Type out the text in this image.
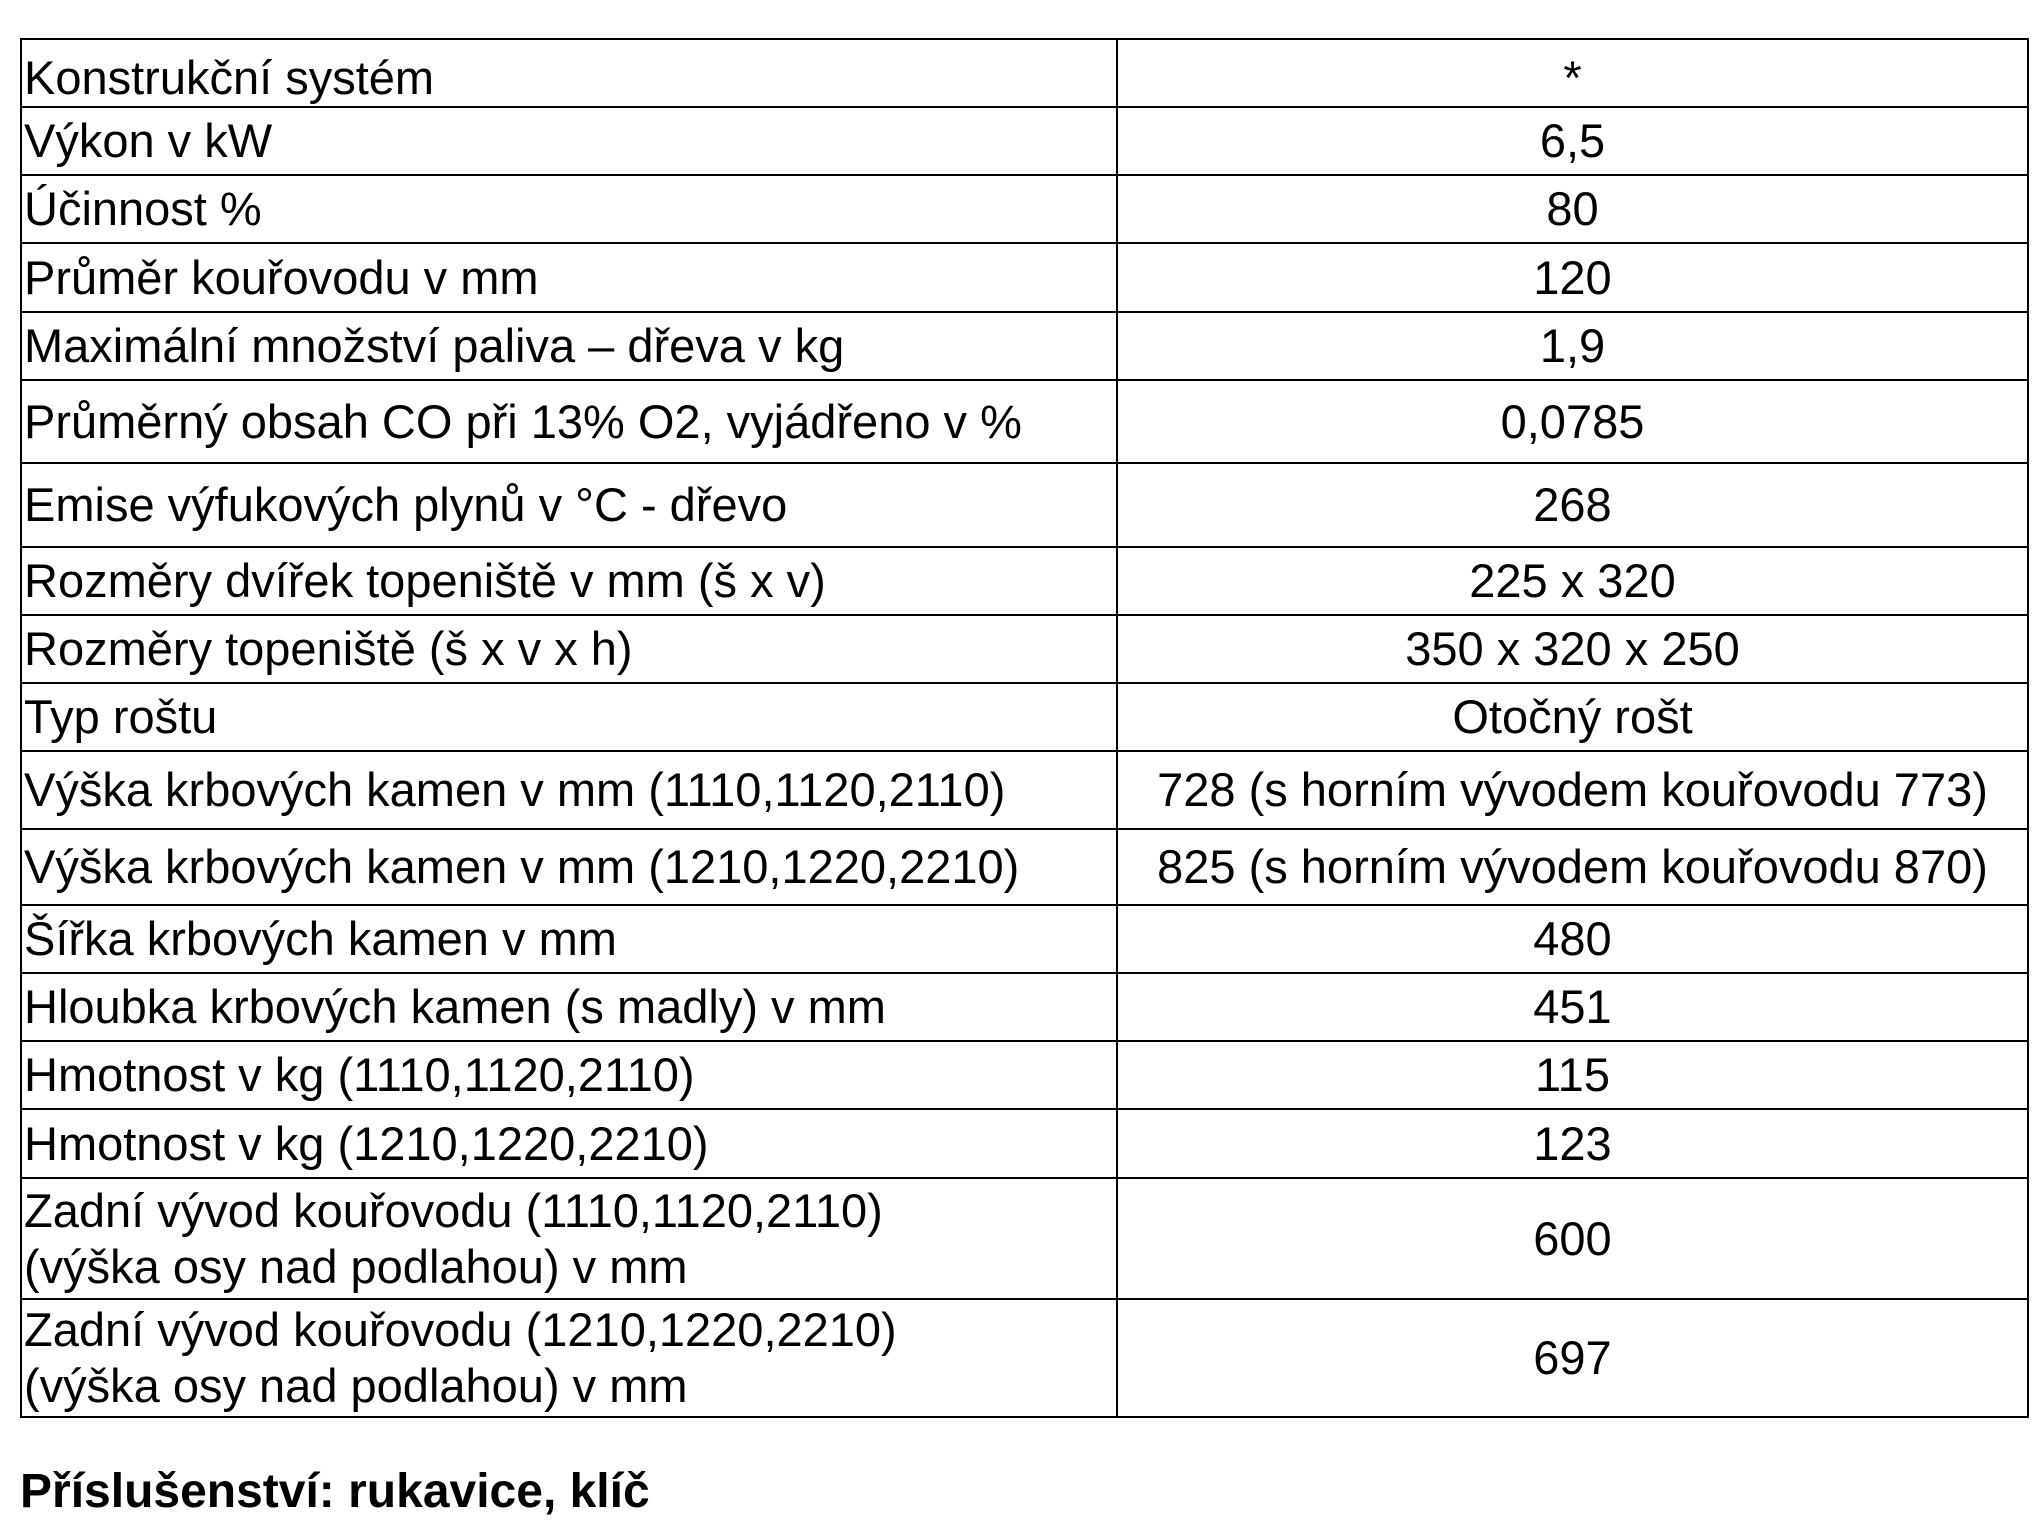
Konstrukční systém	*
Výkon v kW	6,5
Účinnost %	80
Průměr kouřovodu v mm	120
Maximální množství paliva – dřeva v kg	1,9
Průměrný obsah CO při 13% O2, vyjádřeno v %	0,0785
Emise výfukových plynů v °C - dřevo	268
Rozměry dvířek topeniště v mm (š x v)	225 x 320
Rozměry topeniště (š x v x h)	350 x 320 x 250
Typ roštu	Otočný rošt
Výška krbových kamen v mm (1110,1120,2110)	728 (s horním vývodem kouřovodu 773)
Výška krbových kamen v mm (1210,1220,2210)	825 (s horním vývodem kouřovodu 870)
Šířka krbových kamen v mm	480
Hloubka krbových kamen (s madly) v mm	451
Hmotnost v kg (1110,1120,2110)	115
Hmotnost v kg (1210,1220,2210)	123

Zadní vývod kouřovodu (1110,1120,2110)
(výška osy nad podlahou) v mm	600

Zadní vývod kouřovodu (1210,1220,2210)
(výška osy nad podlahou) v mm	697
Příslušenství: rukavice, klíč
